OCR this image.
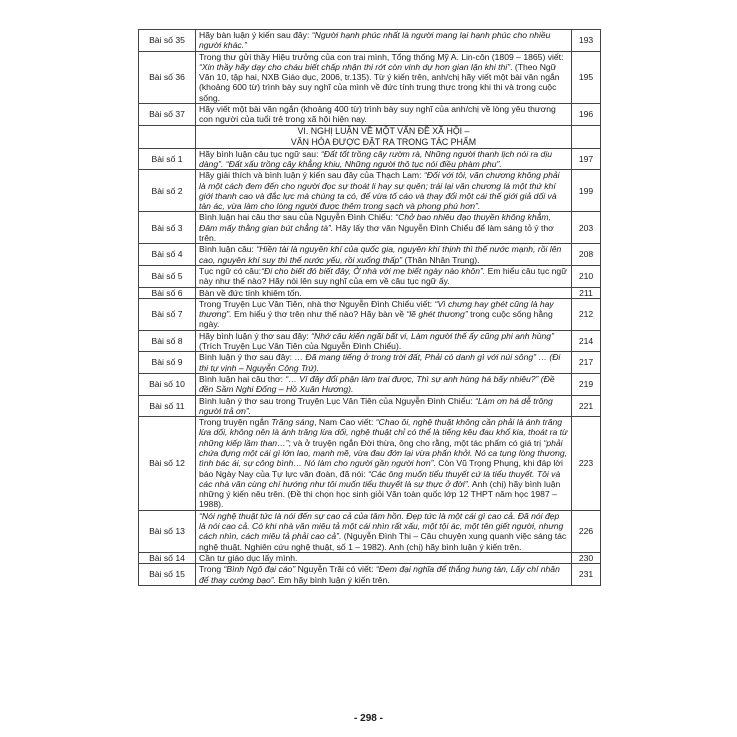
Bài số 35	Hãy bàn luận ý kiến sau đây: “Người hạnh phúc nhất là người mang lại hạnh phúc cho nhiều người khác.”	193
Bài số 36	Trong thư gửi thầy Hiệu trưởng của con trai mình, Tổng thống Mỹ A. Lin-côn (1809 – 1865) viết: “Xin thầy hãy dạy cho cháu biết chấp nhận thi rớt còn vinh dự hơn gian lận khi thi”. (Theo Ngữ Văn 10, tập hai, NXB Giáo dục, 2006, tr.135). Từ ý kiến trên, anh/chị hãy viết một bài văn ngắn (khoảng 600 từ) trình bày suy nghĩ của mình về đức tính trung thực trong khi thi và trong cuộc sống.	195
Bài số 37	Hãy viết một bài văn ngắn (khoảng 400 từ) trình bày suy nghĩ của anh/chị về lòng yêu thương con người của tuổi trẻ trong xã hội hiện nay.	196

	VI. NGHỊ LUẬN VỀ MỘT VẤN ĐỀ XÃ HỘI –
VĂN HÓA ĐƯỢC ĐẶT RA TRONG TÁC PHẨM	

Bài số 1	Hãy bình luận câu tục ngữ sau: “Đất tốt trồng cây rườm rà, Những người thanh lịch nói ra dịu dàng”. “Đất xấu trồng cây khẳng khiu, Những người thô tục nói điều phàm phu”.	197
Bài số 2	Hãy giải thích và bình luận ý kiến sau đây của Thạch Lam: “Đối với tôi, văn chương không phải là một cách đem đến cho người đọc sự thoát li hay sự quên; trái lại văn chương là một thứ khí giới thanh cao và đắc lực mà chúng ta có, để vừa tố cáo và thay đổi một cái thế giới giả dối và tàn ác, vừa làm cho lòng người được thêm trong sạch và phong phú hơn”.	199
Bài số 3	Bình luận hai câu thơ sau của Nguyễn Đình Chiểu: “Chở bao nhiêu đạo thuyền không khẳm, Đâm mấy thằng gian bút chẳng tà”. Hãy lấy thơ văn Nguyễn Đình Chiểu để làm sáng tỏ ý thơ trên.	203
Bài số 4	Bình luận câu: “Hiền tài là nguyên khí của quốc gia, nguyên khí thịnh thì thế nước mạnh, rồi lên cao, nguyên khí suy thì thế nước yếu, rồi xuống thấp” (Thân Nhân Trung).	208
Bài số 5	Tục ngữ có câu:“Đi cho biết đó biết đây, Ở nhà với mẹ biết ngày nào khôn”. Em hiểu câu tục ngữ này như thế nào? Hãy nói lên suy nghĩ của em về câu tục ngữ ấy.	210
Bài số 6	Bàn về đức tính khiêm tốn.	211
Bài số 7	Trong Truyện Lục Vân Tiên, nhà thơ Nguyễn Đình Chiểu viết: “Vì chưng hay ghét cũng là hay thương”. Em hiểu ý thơ trên như thế nào? Hãy bàn về “lẽ ghét thương” trong cuộc sống hằng ngày.	212
Bài số 8	Hãy bình luận ý thơ sau đây: “Nhớ câu kiến ngãi bất vi, Làm người thế ấy cũng phi anh hùng” (Trích Truyện Lục Vân Tiên của Nguyễn Đình Chiểu).	214
Bài số 9	Bình luận ý thơ sau đây: … Đã mang tiếng ở trong trời đất, Phải có danh gì với núi sông” … (Đi thi tự vịnh – Nguyễn Công Trứ).	217
Bài số 10	Bình luận hai câu thơ: “… Ví đây đổi phận làm trai được, Thì sự anh hùng há bấy nhiêu?” (Đề đền Sầm Nghi Đống – Hồ Xuân Hương).	219
Bài số 11	Bình luận ý thơ sau trong Truyện Lục Vân Tiên của Nguyễn Đình Chiểu: “Làm ơn há dễ trông người trả ơn”.	221
Bài số 12	Trong truyện ngắn Trăng sáng, Nam Cao viết: “Chao ôi, nghệ thuật không cần phải là ánh trăng lừa dối, không nên là ánh trăng lừa dối, nghệ thuật chỉ có thể là tiếng kêu đau khổ kia, thoát ra từ những kiếp lầm than…”; và ở truyện ngắn Đời thừa, ông cho rằng, một tác phẩm có giá trị “phải chứa đựng một cái gì lớn lao, mạnh mẽ, vừa đau đớn lại vừa phấn khởi. Nó ca tụng lòng thương, tình bác ái, sự công bình… Nó làm cho người gần người hơn”. Còn Vũ Trọng Phụng, khi đáp lời báo Ngày Nay của Tự lực văn đoàn, đã nói: “Các ông muốn tiểu thuyết cứ là tiểu thuyết. Tôi và các nhà văn cùng chí hướng như tôi muốn tiểu thuyết là sự thực ở đời”. Anh (chị) hãy bình luận những ý kiến nêu trên. (Đề thi chọn học sinh giỏi Văn toàn quốc lớp 12 THPT năm học 1987 – 1988).	223
Bài số 13	“Nói nghệ thuật tức là nói đến sự cao cả của tâm hồn. Đẹp tức là một cái gì cao cả. Đã nói đẹp là nói cao cả. Có khi nhà văn miêu tả một cái nhìn rất xấu, một tội ác, một tên giết người, nhưng cách nhìn, cách miêu tả phải cao cả”. (Nguyễn Đình Thi – Câu chuyện xung quanh việc sáng tác nghệ thuật. Nghiên cứu nghệ thuật, số 1 – 1982). Anh (chị) hãy bình luận ý kiến trên.	226
Bài số 14	Cần tư giáo dục lấy mình.	230
Bài số 15	Trong “Bình Ngô đại cáo” Nguyễn Trãi có viết: “Đem đại nghĩa để thắng hung tàn, Lấy chí nhân để thay cường bạo”. Em hãy bình luận ý kiến trên.	231
- 298 -
